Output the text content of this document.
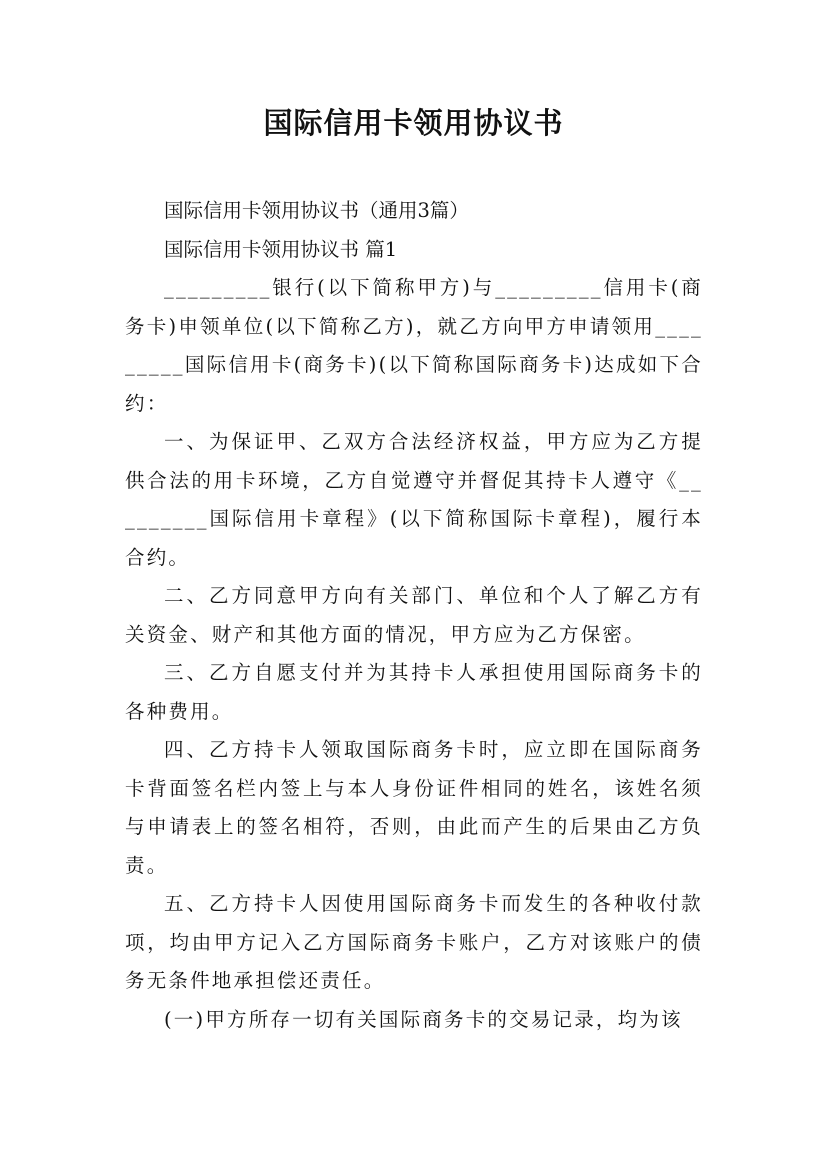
国际信用卡领用协议书

国际信用卡领用协议书（通用3篇）

国际信用卡领用协议书 篇1

_________银行(以下简称甲方)与_________信用卡(商务卡)申领单位(以下简称乙方)，就乙方向甲方申请领用_________国际信用卡(商务卡)(以下简称国际商务卡)达成如下合约：

一、为保证甲、乙双方合法经济权益，甲方应为乙方提供合法的用卡环境，乙方自觉遵守并督促其持卡人遵守《_________国际信用卡章程》(以下简称国际卡章程)，履行本合约。

二、乙方同意甲方向有关部门、单位和个人了解乙方有关资金、财产和其他方面的情况，甲方应为乙方保密。

三、乙方自愿支付并为其持卡人承担使用国际商务卡的各种费用。

四、乙方持卡人领取国际商务卡时，应立即在国际商务卡背面签名栏内签上与本人身份证件相同的姓名，该姓名须与申请表上的签名相符，否则，由此而产生的后果由乙方负责。

五、乙方持卡人因使用国际商务卡而发生的各种收付款项，均由甲方记入乙方国际商务卡账户，乙方对该账户的债务无条件地承担偿还责任。

(一)甲方所存一切有关国际商务卡的交易记录，均为该
